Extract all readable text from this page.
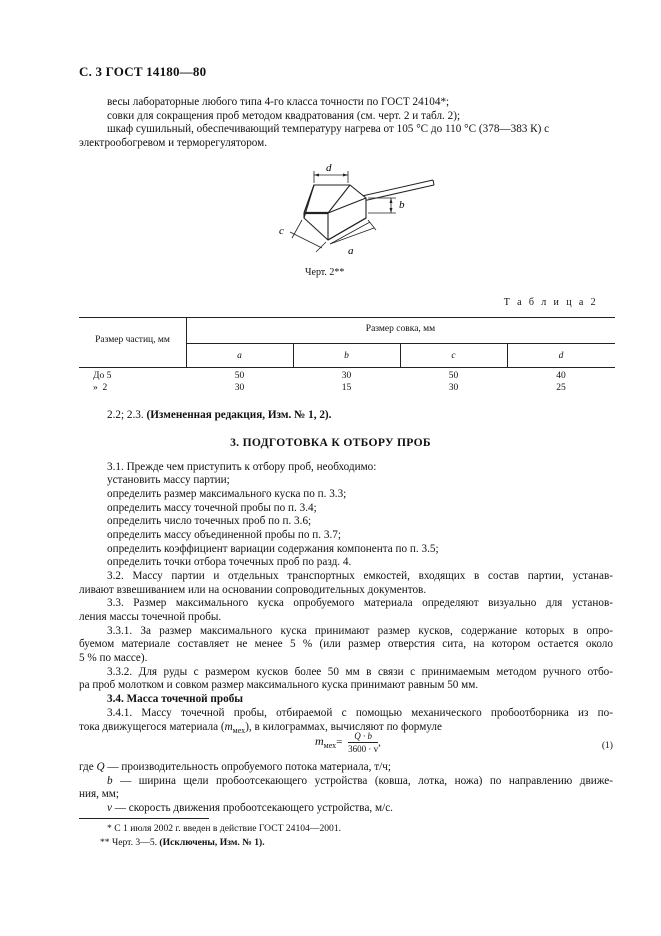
С. 3 ГОСТ 14180—80
весы лабораторные любого типа 4-го класса точности по ГОСТ 24104*;
совки для сокращения проб методом квадратования (см. черт. 2 и табл. 2);
шкаф сушильный, обеспечивающий температуру нагрева от 105 °С до 110 °С (378—383 К) с
электрообогревом и терморегулятором.
d
b
c
a
Черт. 2**
Т а б л и ц а 2
Размер частиц, мм
Размер совка, мм
a	b	c	d
До 5	50	30	50	40
»  2	30	15	30	25
2.2; 2.3. (Измененная редакция, Изм. № 1, 2).
3. ПОДГОТОВКА К ОТБОРУ ПРОБ
3.1. Прежде чем приступить к отбору проб, необходимо:
установить массу партии;
определить размер максимального куска по п. 3.3;
определить массу точечной пробы по п. 3.4;
определить число точечных проб по п. 3.6;
определить массу объединенной пробы по п. 3.7;
определить коэффициент вариации содержания компонента по п. 3.5;
определить точки отбора точечных проб по разд. 4.
3.2. Массу партии и отдельных транспортных емкостей, входящих в состав партии, устанав-
ливают взвешиванием или на основании сопроводительных документов.
3.3. Размер максимального куска опробуемого материала определяют визуально для установ-
ления массы точечной пробы.
3.3.1. За размер максимального куска принимают размер кусков, содержание которых в опро-
буемом материале составляет не менее 5 % (или размер отверстия сита, на котором остается около
5 % по массе).
3.3.2. Для руды с размером кусков более 50 мм в связи с принимаемым методом ручного отбо-
ра проб молотком и совком размер максимального куска принимают равным 50 мм.
3.4. Масса точечной пробы
3.4.1. Массу точечной пробы, отбираемой с помощью механического пробоотборника из по-
тока движущегося материала $(m_{мех})$, в килограммах, вычисляют по формуле
$m_{мех}= \frac{Q \cdot b}{3600 \cdot v}$ ,	(1)
где Q — производительность опробуемого потока материала, т/ч;
b — ширина щели пробоотсекающего устройства (ковша, лотка, ножа) по направлению движе-
ния, мм;
v — скорость движения пробоотсекающего устройства, м/с.
* С 1 июля 2002 г. введен в действие ГОСТ 24104—2001.
** Черт. 3—5. (Исключены, Изм. № 1).
